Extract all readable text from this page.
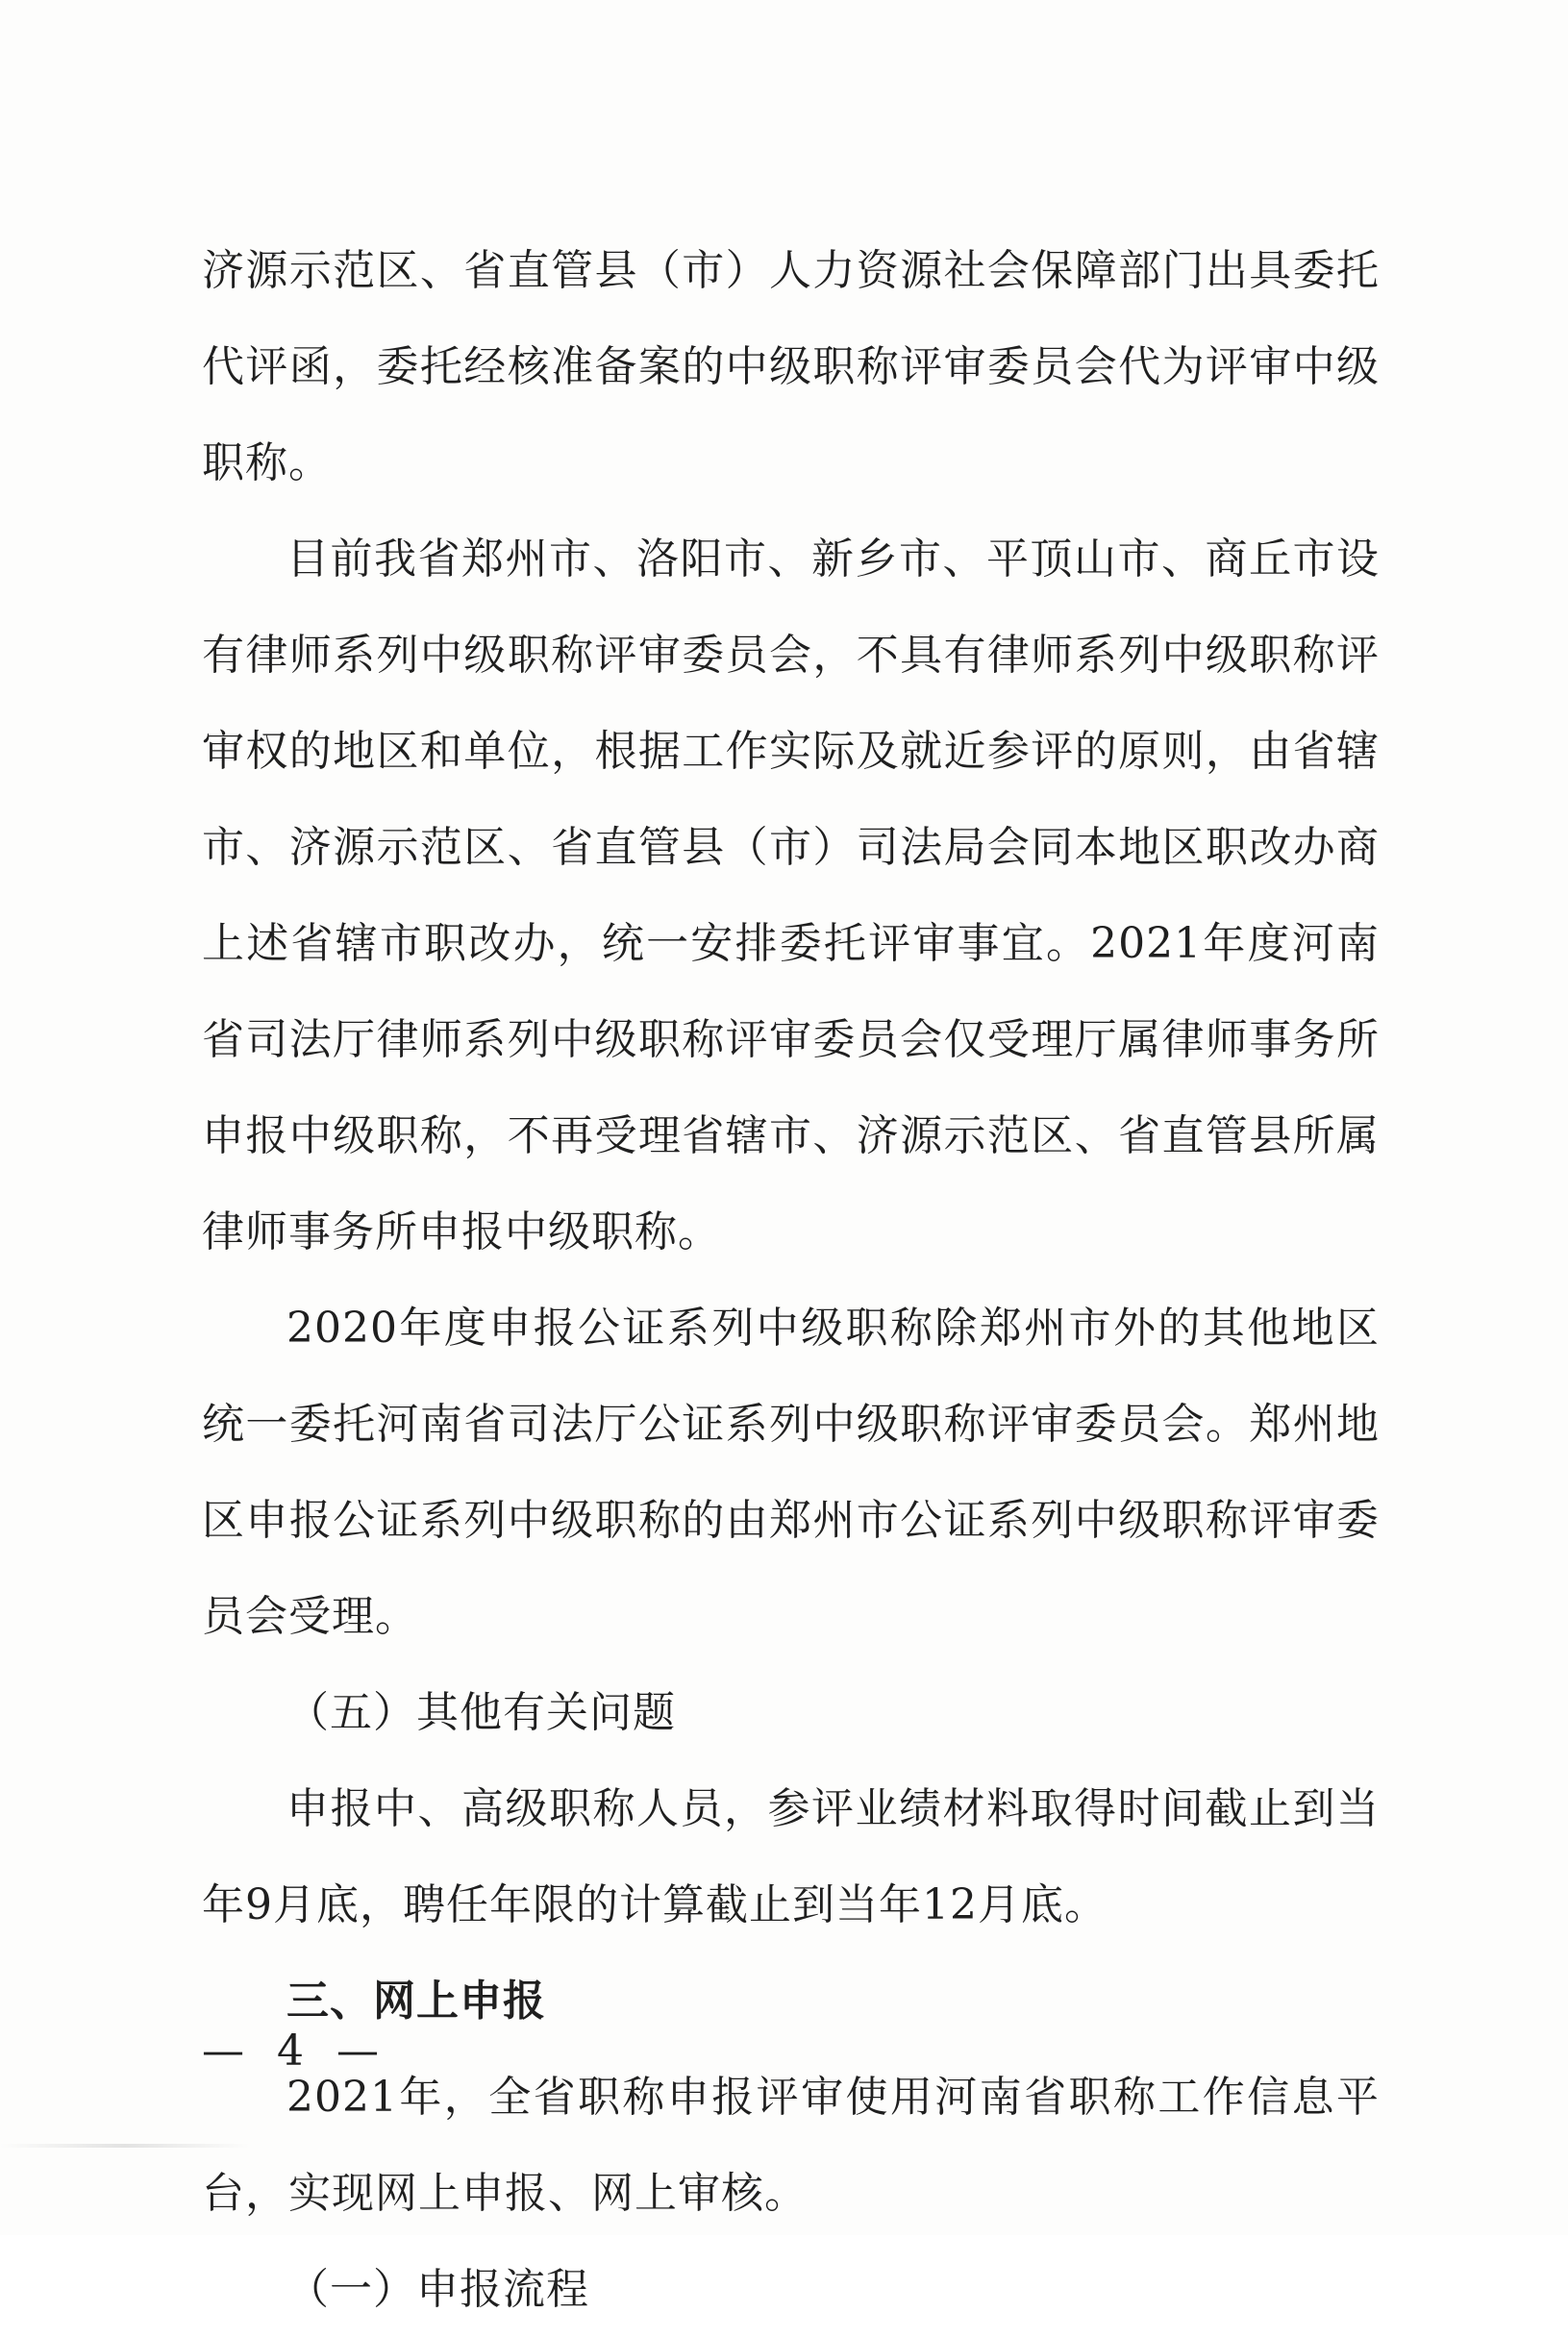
济源示范区、省直管县（市）人力资源社会保障部门出具委托代评函，委托经核准备案的中级职称评审委员会代为评审中级职称。

目前我省郑州市、洛阳市、新乡市、平顶山市、商丘市设有律师系列中级职称评审委员会，不具有律师系列中级职称评审权的地区和单位，根据工作实际及就近参评的原则，由省辖市、济源示范区、省直管县（市）司法局会同本地区职改办商上述省辖市职改办，统一安排委托评审事宜。2021年度河南省司法厅律师系列中级职称评审委员会仅受理厅属律师事务所申报中级职称，不再受理省辖市、济源示范区、省直管县所属律师事务所申报中级职称。

2020年度申报公证系列中级职称除郑州市外的其他地区统一委托河南省司法厅公证系列中级职称评审委员会。郑州地区申报公证系列中级职称的由郑州市公证系列中级职称评审委员会受理。

（五）其他有关问题

申报中、高级职称人员，参评业绩材料取得时间截止到当年9月底，聘任年限的计算截止到当年12月底。

三、网上申报

2021年，全省职称申报评审使用河南省职称工作信息平台，实现网上申报、网上审核。

（一）申报流程

— 4 —
